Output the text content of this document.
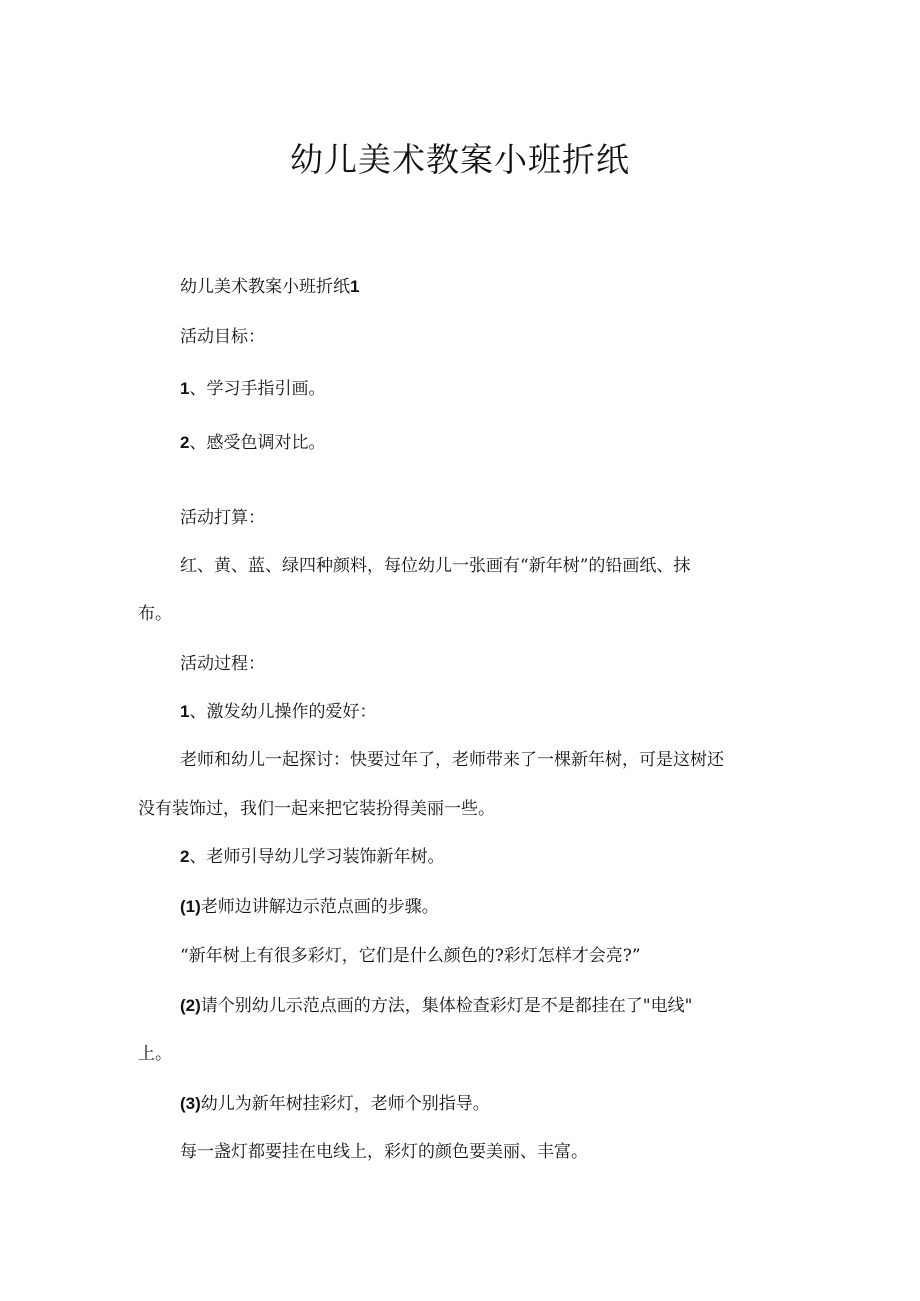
幼儿美术教案小班折纸
幼儿美术教案小班折纸1
活动目标：
1、学习手指引画。
2、感受色调对比。
活动打算：
红、黄、蓝、绿四种颜料，每位幼儿一张画有“新年树”的铅画纸、抹
布。
活动过程：
1、激发幼儿操作的爱好：
老师和幼儿一起探讨：快要过年了，老师带来了一棵新年树，可是这树还
没有装饰过，我们一起来把它装扮得美丽一些。
2、老师引导幼儿学习装饰新年树。
(1)老师边讲解边示范点画的步骤。
“新年树上有很多彩灯，它们是什么颜色的?彩灯怎样才会亮?”
(2)请个别幼儿示范点画的方法，集体检查彩灯是不是都挂在了"电线"
上。
(3)幼儿为新年树挂彩灯，老师个别指导。
每一盏灯都要挂在电线上，彩灯的颜色要美丽、丰富。
